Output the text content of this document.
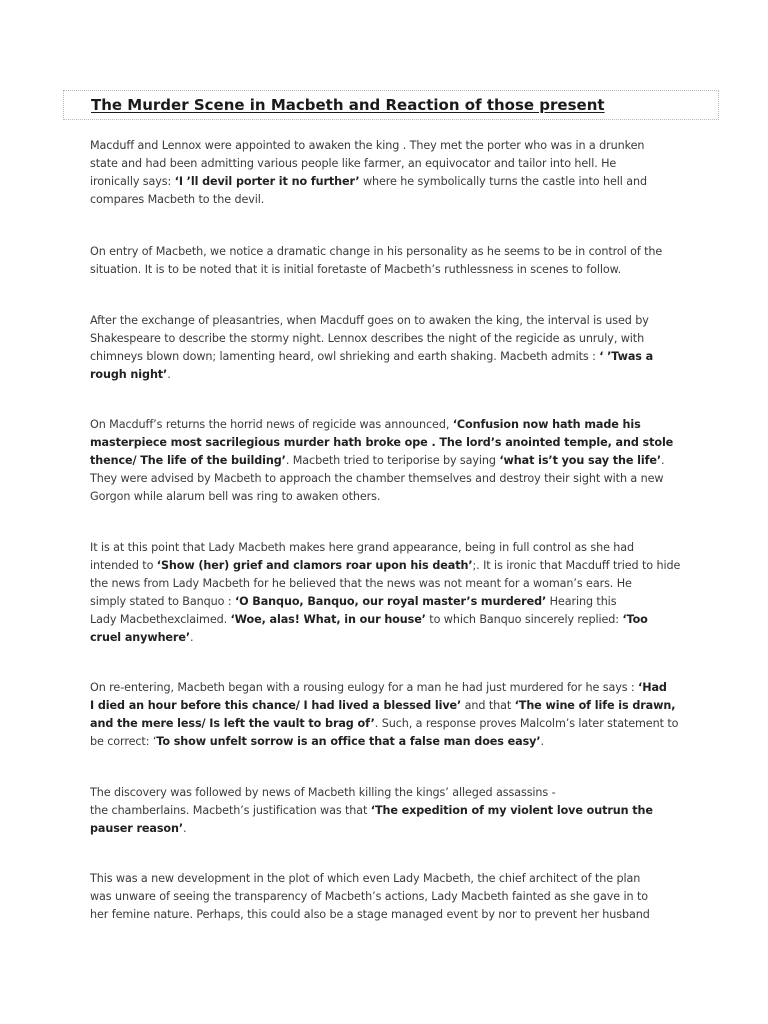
The Murder Scene in Macbeth and Reaction of those present

Macduff and Lennox were appointed to awaken the king . They met the porter who was in a drunken
state and had been admitting various people like farmer, an equivocator and tailor into hell. He
ironically says: ‘I ’ll devil porter it no further’ where he symbolically turns the castle into hell and
compares Macbeth to the devil.

On entry of Macbeth, we notice a dramatic change in his personality as he seems to be in control of the
situation. It is to be noted that it is initial foretaste of Macbeth’s ruthlessness in scenes to follow.

After the exchange of pleasantries, when Macduff goes on to awaken the king, the interval is used by
Shakespeare to describe the stormy night. Lennox describes the night of the regicide as unruly, with
chimneys blown down; lamenting heard, owl shrieking and earth shaking. Macbeth admits : ‘ ’Twas a
rough night’.

On Macduff’s returns the horrid news of regicide was announced, ‘Confusion now hath made his
masterpiece most sacrilegious murder hath broke ope . The lord’s anointed temple, and stole
thence/ The life of the building’. Macbeth tried to teriporise by saying ‘what is’t you say the life’.
They were advised by Macbeth to approach the chamber themselves and destroy their sight with a new
Gorgon while alarum bell was ring to awaken others.

It is at this point that Lady Macbeth makes here grand appearance, being in full control as she had
intended to ‘Show (her) grief and clamors roar upon his death’;. It is ironic that Macduff tried to hide
the news from Lady Macbeth for he believed that the news was not meant for a woman’s ears. He
simply stated to Banquo : ‘O Banquo, Banquo, our royal master’s murdered’ Hearing this
Lady Macbethexclaimed. ‘Woe, alas! What, in our house’ to which Banquo sincerely replied: ‘Too
cruel anywhere’.

On re-entering, Macbeth began with a rousing eulogy for a man he had just murdered for he says : ‘Had
I died an hour before this chance/ I had lived a blessed live’ and that ‘The wine of life is drawn,
and the mere less/ Is left the vault to brag of’. Such, a response proves Malcolm’s later statement to
be correct: ‘To show unfelt sorrow is an office that a false man does easy’.

The discovery was followed by news of Macbeth killing the kings’ alleged assassins -
the chamberlains. Macbeth’s justification was that ‘The expedition of my violent love outrun the
pauser reason’.

This was a new development in the plot of which even Lady Macbeth, the chief architect of the plan
was unware of seeing the transparency of Macbeth’s actions, Lady Macbeth fainted as she gave in to
her femine nature. Perhaps, this could also be a stage managed event by nor to prevent her husband
